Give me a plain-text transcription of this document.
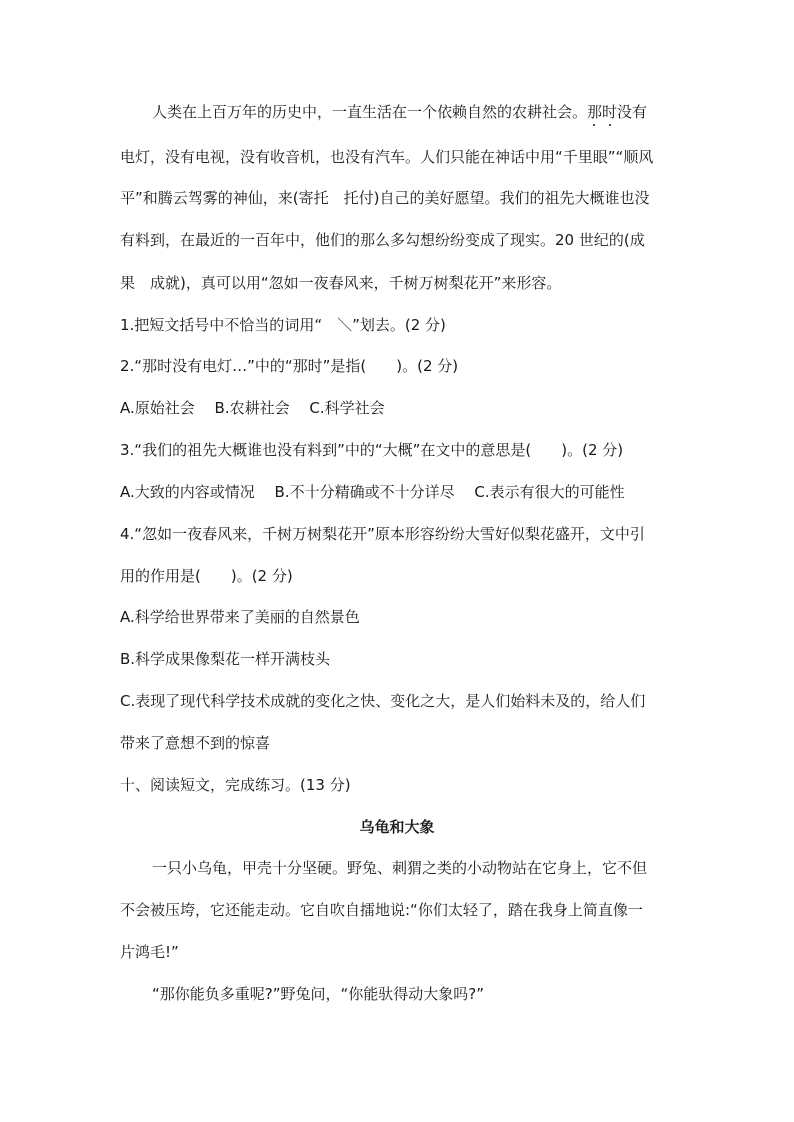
人类在上百万年的历史中，一直生活在一个依赖自然的农耕社会。那时没有
电灯，没有电视，没有收音机，也没有汽车。人们只能在神话中用“千里眼”“顺风
平”和腾云驾雾的神仙，来(寄托　托付)自己的美好愿望。我们的祖先大概谁也没
有料到，在最近的一百年中，他们的那么多勾想纷纷变成了现实。20 世纪的(成
果　成就)，真可以用“忽如一夜春风来，千树万树梨花开”来形容。
1.把短文括号中不恰当的词用“　＼”划去。(2 分)
2.“那时没有电灯…”中的“那时”是指(　　)。(2 分)
A.原始社会　 B.农耕社会　 C.科学社会
3.“我们的祖先大概谁也没有料到”中的“大概”在文中的意思是(　　)。(2 分)
A.大致的内容或情况　 B.不十分精确或不十分详尽　 C.表示有很大的可能性
4.“忽如一夜春风来，千树万树梨花开”原本形容纷纷大雪好似梨花盛开，文中引
用的作用是(　　)。(2 分)
A.科学给世界带来了美丽的自然景色
B.科学成果像梨花一样开满枝头
C.表现了现代科学技术成就的变化之快、变化之大，是人们始料未及的，给人们
带来了意想不到的惊喜
十、阅读短文，完成练习。(13 分)
乌龟和大象
一只小乌龟，甲壳十分坚硬。野兔、刺猬之类的小动物站在它身上，它不但
不会被压垮，它还能走动。它自吹自擂地说:“你们太轻了，踏在我身上简直像一
片鸿毛!”
“那你能负多重呢?”野兔问，“你能驮得动大象吗?”
